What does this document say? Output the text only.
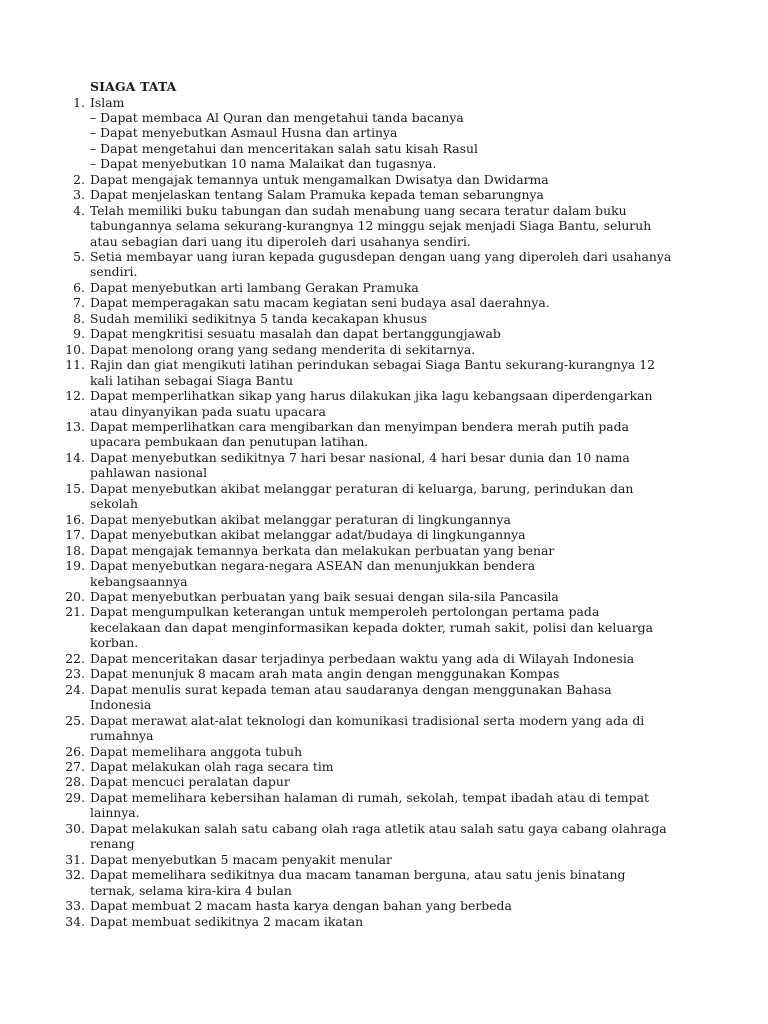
SIAGA TATA
1. Islam
– Dapat membaca Al Quran dan mengetahui tanda bacanya
– Dapat menyebutkan Asmaul Husna dan artinya
– Dapat mengetahui dan menceritakan salah satu kisah Rasul
– Dapat menyebutkan 10 nama Malaikat dan tugasnya.
2. Dapat mengajak temannya untuk mengamalkan Dwisatya dan Dwidarma
3. Dapat menjelaskan tentang Salam Pramuka kepada teman sebarungnya
4. Telah memiliki buku tabungan dan sudah menabung uang secara teratur dalam buku
tabungannya selama sekurang-kurangnya 12 minggu sejak menjadi Siaga Bantu, seluruh
atau sebagian dari uang itu diperoleh dari usahanya sendiri.
5. Setia membayar uang iuran kepada gugusdepan dengan uang yang diperoleh dari usahanya
sendiri.
6. Dapat menyebutkan arti lambang Gerakan Pramuka
7. Dapat memperagakan satu macam kegiatan seni budaya asal daerahnya.
8. Sudah memiliki sedikitnya 5 tanda kecakapan khusus
9. Dapat mengkritisi sesuatu masalah dan dapat bertanggungjawab
10. Dapat menolong orang yang sedang menderita di sekitarnya.
11. Rajin dan giat mengikuti latihan perindukan sebagai Siaga Bantu sekurang-kurangnya 12
kali latihan sebagai Siaga Bantu
12. Dapat memperlihatkan sikap yang harus dilakukan jika lagu kebangsaan diperdengarkan
atau dinyanyikan pada suatu upacara
13. Dapat memperlihatkan cara mengibarkan dan menyimpan bendera merah putih pada
upacara pembukaan dan penutupan latihan.
14. Dapat menyebutkan sedikitnya 7 hari besar nasional, 4 hari besar dunia dan 10 nama
pahlawan nasional
15. Dapat menyebutkan akibat melanggar peraturan di keluarga, barung, perindukan dan
sekolah
16. Dapat menyebutkan akibat melanggar peraturan di lingkungannya
17. Dapat menyebutkan akibat melanggar adat/budaya di lingkungannya
18. Dapat mengajak temannya berkata dan melakukan perbuatan yang benar
19. Dapat menyebutkan negara-negara ASEAN dan menunjukkan bendera
kebangsaannya
20. Dapat menyebutkan perbuatan yang baik sesuai dengan sila-sila Pancasila
21. Dapat mengumpulkan keterangan untuk memperoleh pertolongan pertama pada
kecelakaan dan dapat menginformasikan kepada dokter, rumah sakit, polisi dan keluarga
korban.
22. Dapat menceritakan dasar terjadinya perbedaan waktu yang ada di Wilayah Indonesia
23. Dapat menunjuk 8 macam arah mata angin dengan menggunakan Kompas
24. Dapat menulis surat kepada teman atau saudaranya dengan menggunakan Bahasa
Indonesia
25. Dapat merawat alat-alat teknologi dan komunikasi tradisional serta modern yang ada di
rumahnya
26. Dapat memelihara anggota tubuh
27. Dapat melakukan olah raga secara tim
28. Dapat mencuci peralatan dapur
29. Dapat memelihara kebersihan halaman di rumah, sekolah, tempat ibadah atau di tempat
lainnya.
30. Dapat melakukan salah satu cabang olah raga atletik atau salah satu gaya cabang olahraga
renang
31. Dapat menyebutkan 5 macam penyakit menular
32. Dapat memelihara sedikitnya dua macam tanaman berguna, atau satu jenis binatang
ternak, selama kira-kira 4 bulan
33. Dapat membuat 2 macam hasta karya dengan bahan yang berbeda
34. Dapat membuat sedikitnya 2 macam ikatan
